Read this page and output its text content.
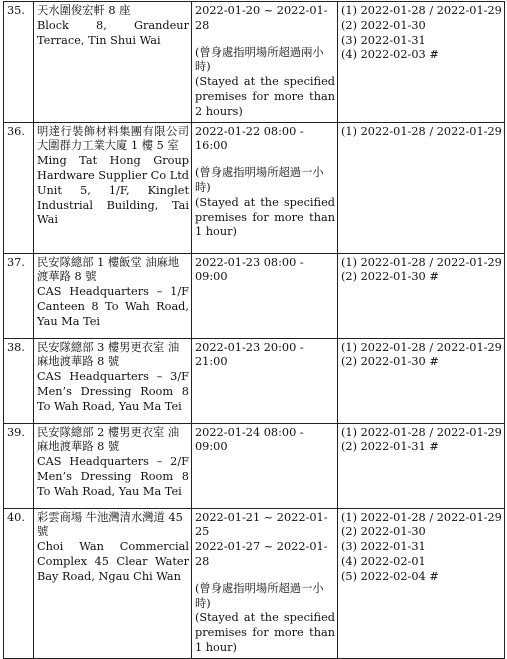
35.	天水圍俊宏軒 8 座
Block 8, Grandeur Terrace, Tin Shui Wai	2022-01-20 ~ 2022-01-28
(曾身處指明場所超過兩小時)
(Stayed at the specified premises for more than 2 hours)	(1) 2022-01-28 / 2022-01-29
(2) 2022-01-30
(3) 2022-01-31
(4) 2022-02-03 #

36.	明達行裝飾材料集團有限公司 大圍群力工業大廈 1 樓 5 室
Ming Tat Hong Group Hardware Supplier Co Ltd Unit 5, 1/F, Kinglet Industrial Building, Tai Wai	2022-01-22 08:00 - 16:00
(曾身處指明場所超過一小時)
(Stayed at the specified premises for more than 1 hour)	(1) 2022-01-28 / 2022-01-29

37.	民安隊總部 1 樓飯堂 油麻地渡華路 8 號
CAS Headquarters – 1/F Canteen 8 To Wah Road, Yau Ma Tei	2022-01-23 08:00 - 09:00	(1) 2022-01-28 / 2022-01-29
(2) 2022-01-30 #

38.	民安隊總部 3 樓男更衣室 油麻地渡華路 8 號
CAS Headquarters – 3/F Men’s Dressing Room 8 To Wah Road, Yau Ma Tei	2022-01-23 20:00 - 21:00	(1) 2022-01-28 / 2022-01-29
(2) 2022-01-30 #

39.	民安隊總部 2 樓男更衣室 油麻地渡華路 8 號
CAS Headquarters – 2/F Men’s Dressing Room 8 To Wah Road, Yau Ma Tei	2022-01-24 08:00 - 09:00	(1) 2022-01-28 / 2022-01-29
(2) 2022-01-31 #

40.	彩雲商場 牛池灣清水灣道 45 號
Choi Wan Commercial Complex 45 Clear Water Bay Road, Ngau Chi Wan	2022-01-21 ~ 2022-01-25
2022-01-27 ~ 2022-01-28
(曾身處指明場所超過一小時)
(Stayed at the specified premises for more than 1 hour)	(1) 2022-01-28 / 2022-01-29
(2) 2022-01-30
(3) 2022-01-31
(4) 2022-02-01
(5) 2022-02-04 #
